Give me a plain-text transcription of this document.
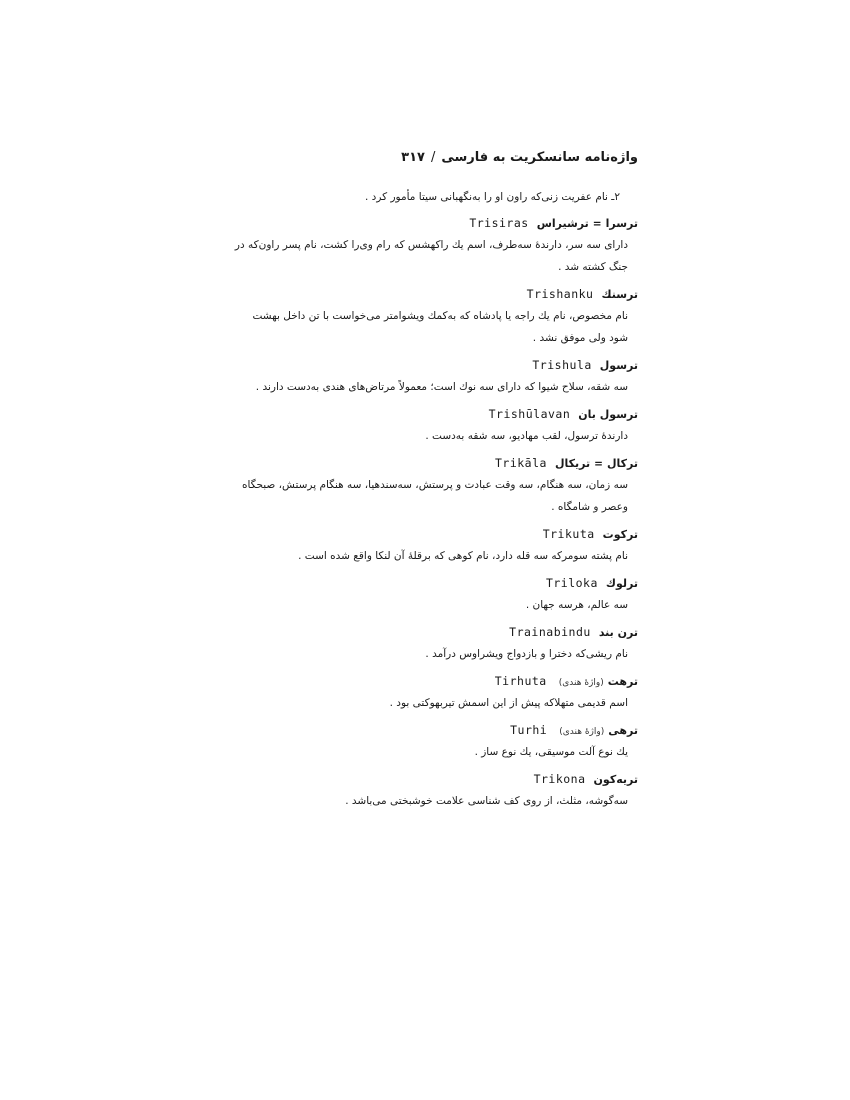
واژه‌نامه سانسکریت به فارسی/۳۱۷
۲ـ نام عفریت زنی‌که راون او را به‌نگهبانی سیتا مأمور کرد .
ترسرا=ترشیراسTrisiras
دارای سه سر، دارندهٔ سه‌طرف، اسم یك راکهشس که رام وی‌را کشت، نام پسر راون‌که در جنگ کشته شد .
ترسنكTrishanku
نام مخصوص، نام یك راجه یا پادشاه که به‌کمك ویشوامتر می‌خواست با تن داخل بهشت شود ولی موفق نشد .
ترسولTrishula
سه شقه، سلاح شیوا که دارای سه نوك است؛ معمولاً مرتاض‌های هندی به‌دست دارند .
ترسول بانTrishūlavan
دارندهٔ ترسول، لقب مهادیو، سه شقه به‌دست .
ترکال=تریکالTrikāla
سه زمان، سه هنگام، سه وقت عبادت و پرستش، سه‌سندهیا، سه هنگام پرستش، صبحگاه وعصر و شامگاه .
ترکوتTrikuta
نام پشته سومرکه سه قله دارد، نام کوهی که برقلهٔ آن لنکا واقع شده است .
ترلوكTriloka
سه عالم، هرسه جهان .
ترن بندTrainabindu
نام ریشی‌که دخترا و بازدواج ویشراوس درآمد .
ترهت(واژهٔ هندی)Tirhuta
اسم قدیمی متهلاکه پیش از این اسمش تیربهوکتی بود .
ترهی(واژهٔ هندی)Turhi
یك نوع آلت موسیقی، یك نوع ساز .
تریه‌کونTrikona
سه‌گوشه، مثلث، از روی کف شناسی علامت خوشبختی می‌باشد .
